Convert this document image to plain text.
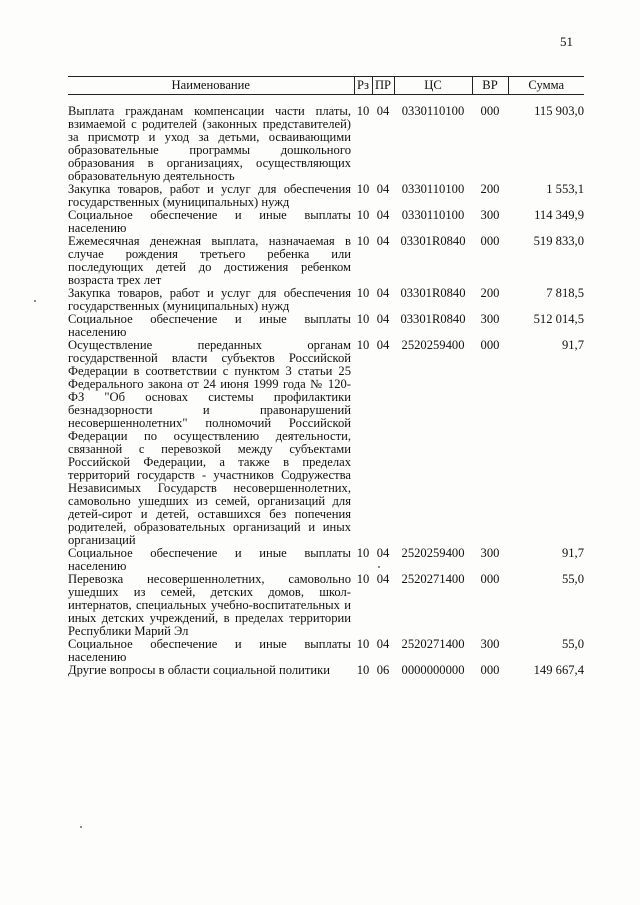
51
Наименование	Рз	ПР	ЦС	ВР	Сумма
Выплата гражданам компенсации части платы, взимаемой с родителей (законных представителей) за присмотр и уход за детьми, осваивающими образовательные программы дошкольного образования в организациях, осуществляющих образовательную деятельность	10	04	0330110100	000	115 903,0
Закупка товаров, работ и услуг для обеспечения государственных (муниципальных) нужд	10	04	0330110100	200	1 553,1
Социальное обеспечение и иные выплаты населению	10	04	0330110100	300	114 349,9
Ежемесячная денежная выплата, назначаемая в случае рождения третьего ребенка или последующих детей до достижения ребенком возраста трех лет	10	04	03301R0840	000	519 833,0
Закупка товаров, работ и услуг для обеспечения государственных (муниципальных) нужд	10	04	03301R0840	200	7 818,5
Социальное обеспечение и иные выплаты населению	10	04	03301R0840	300	512 014,5
Осуществление переданных органам государственной власти субъектов Российской Федерации в соответствии с пунктом 3 статьи 25 Федерального закона от 24 июня 1999 года № 120-ФЗ "Об основах системы профилактики безнадзорности и правонарушений несовершеннолетних" полномочий Российской Федерации по осуществлению деятельности, связанной с перевозкой между субъектами Российской Федерации, а также в пределах территорий государств - участников Содружества Независимых Государств несовершеннолетних, самовольно ушедших из семей, организаций для детей-сирот и детей, оставшихся без попечения родителей, образовательных организаций и иных организаций	10	04	2520259400	000	91,7
Социальное обеспечение и иные выплаты населению	10	04	2520259400	300	91,7
Перевозка несовершеннолетних, самовольно ушедших из семей, детских домов, школ-интернатов, специальных учебно-воспитательных и иных детских учреждений, в пределах территории Республики Марий Эл	10	04	2520271400	000	55,0
Социальное обеспечение и иные выплаты населению	10	04	2520271400	300	55,0
Другие вопросы в области социальной политики	10	06	0000000000	000	149 667,4
